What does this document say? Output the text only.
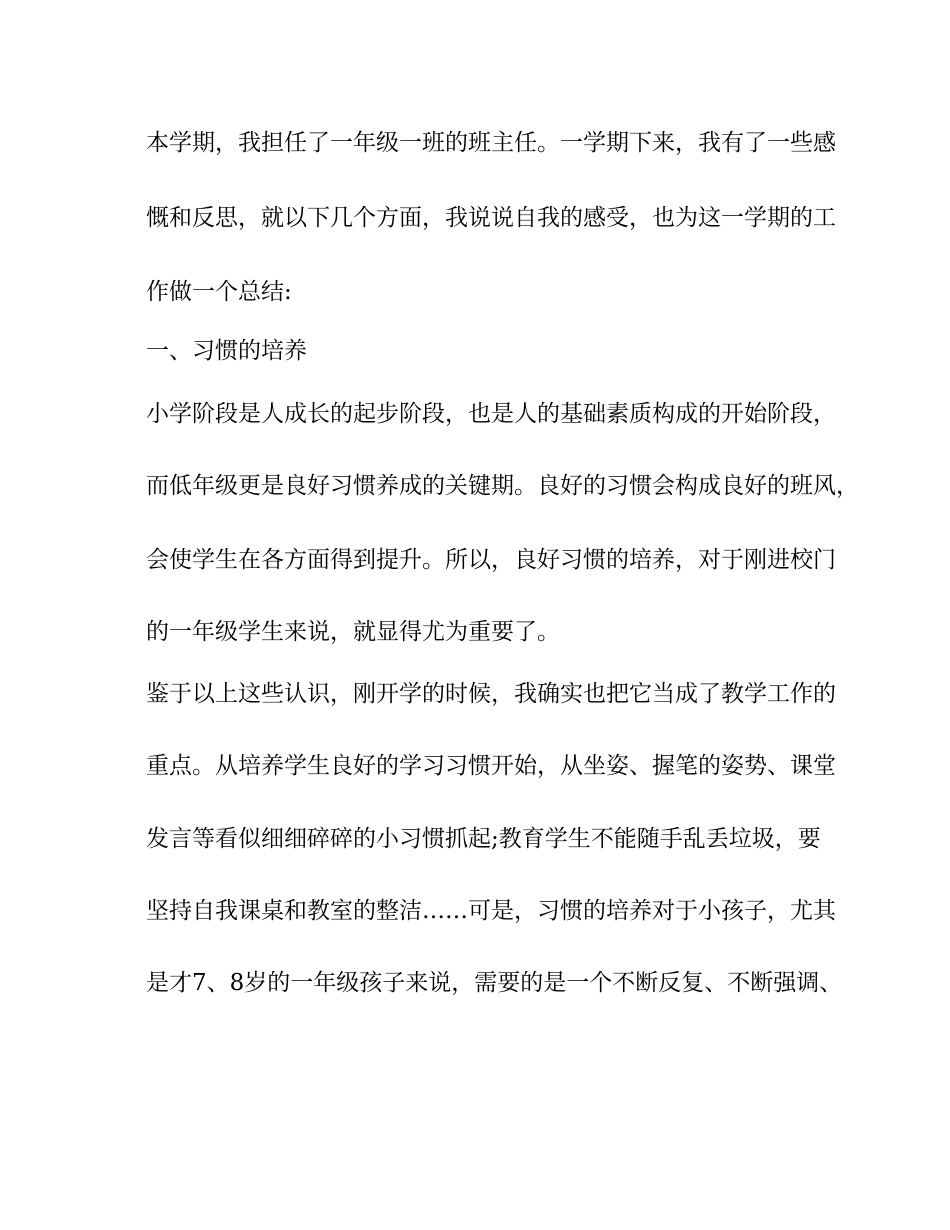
本学期，我担任了一年级一班的班主任。一学期下来，我有了一些感
慨和反思，就以下几个方面，我说说自我的感受，也为这一学期的工
作做一个总结:
一、习惯的培养
小学阶段是人成长的起步阶段，也是人的基础素质构成的开始阶段，
而低年级更是良好习惯养成的关键期。良好的习惯会构成良好的班风，
会使学生在各方面得到提升。所以，良好习惯的培养，对于刚进校门
的一年级学生来说，就显得尤为重要了。
鉴于以上这些认识，刚开学的时候，我确实也把它当成了教学工作的
重点。从培养学生良好的学习习惯开始，从坐姿、握笔的姿势、课堂
发言等看似细细碎碎的小习惯抓起;教育学生不能随手乱丢垃圾，要
坚持自我课桌和教室的整洁……可是，习惯的培养对于小孩子，尤其
是才7、8岁的一年级孩子来说，需要的是一个不断反复、不断强调、
